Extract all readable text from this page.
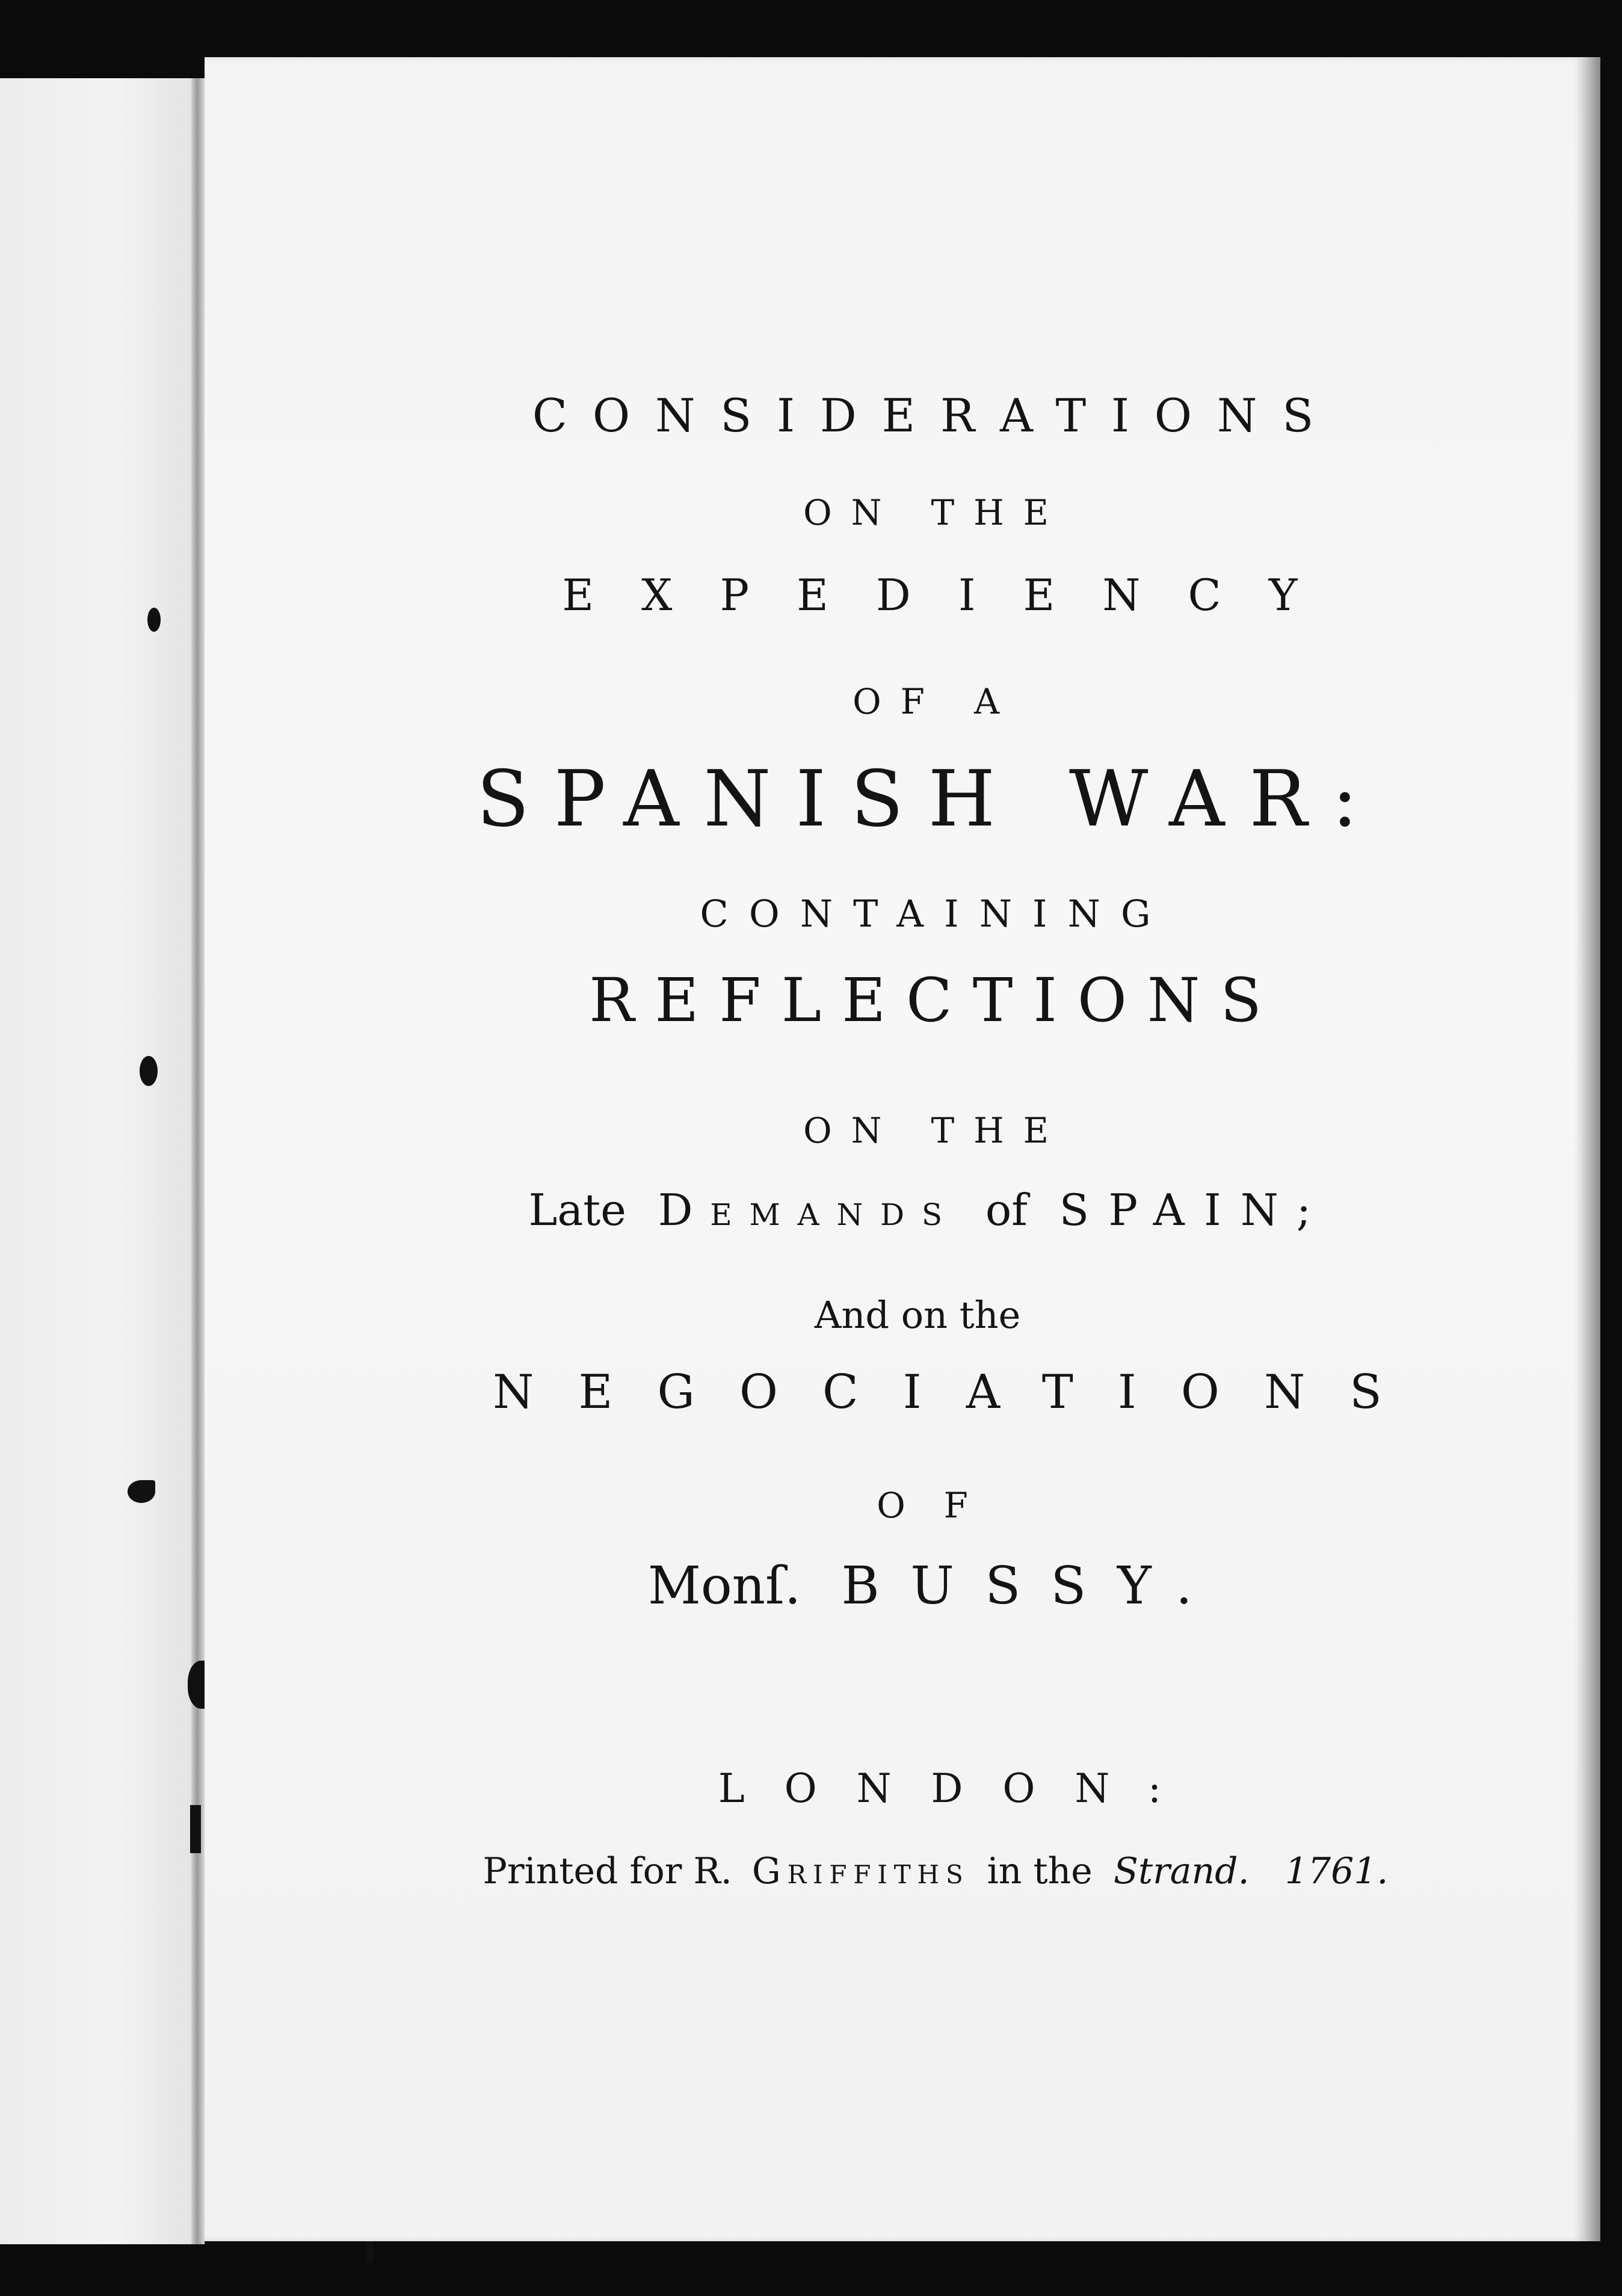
CONSIDERATIONS
ON THE
EXPEDIENCY
OF A
SPANISH WAR:
CONTAINING
REFLECTIONS
ON THE
Late Demands of SPAIN;
And on the
NEGOCIATIONS
OF
Monſ. BUSSY.
LONDON:
Printed for R. Griffiths in the Strand. 1761.
